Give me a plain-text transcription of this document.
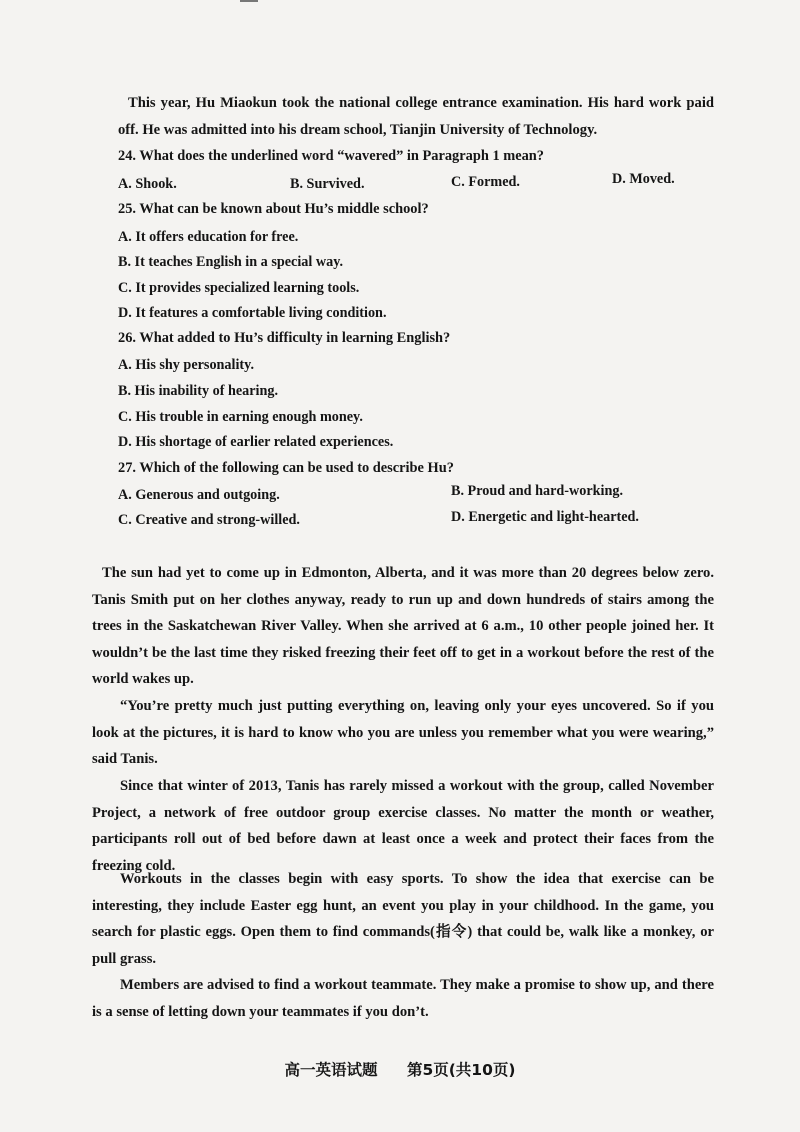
This year, Hu Miaokun took the national college entrance examination. His hard work paid off. He was admitted into his dream school, Tianjin University of Technology.

24. What does the underlined word “wavered” in Paragraph 1 mean?

A. Shook.	B. Survived.	C. Formed.	D. Moved.

25. What can be known about Hu’s middle school?

A. It offers education for free.

B. It teaches English in a special way.

C. It provides specialized learning tools.

D. It features a comfortable living condition.

26. What added to Hu’s difficulty in learning English?

A. His shy personality.

B. His inability of hearing.

C. His trouble in earning enough money.

D. His shortage of earlier related experiences.

27. Which of the following can be used to describe Hu?

A. Generous and outgoing.	B. Proud and hard-working.

C. Creative and strong-willed.	D. Energetic and light-hearted.

The sun had yet to come up in Edmonton, Alberta, and it was more than 20 degrees below zero. Tanis Smith put on her clothes anyway, ready to run up and down hundreds of stairs among the trees in the Saskatchewan River Valley. When she arrived at 6 a.m., 10 other people joined her. It wouldn’t be the last time they risked freezing their feet off to get in a workout before the rest of the world wakes up.

“You’re pretty much just putting everything on, leaving only your eyes uncovered. So if you look at the pictures, it is hard to know who you are unless you remember what you were wearing,” said Tanis.

Since that winter of 2013, Tanis has rarely missed a workout with the group, called November Project, a network of free outdoor group exercise classes. No matter the month or weather, participants roll out of bed before dawn at least once a week and protect their faces from the freezing cold.

Workouts in the classes begin with easy sports. To show the idea that exercise can be interesting, they include Easter egg hunt, an event you play in your childhood. In the game, you search for plastic eggs. Open them to find commands(指令) that could be, walk like a monkey, or pull grass.

Members are advised to find a workout teammate. They make a promise to show up, and there is a sense of letting down your teammates if you don’t.

高一英语试题 第5页(共10页)
